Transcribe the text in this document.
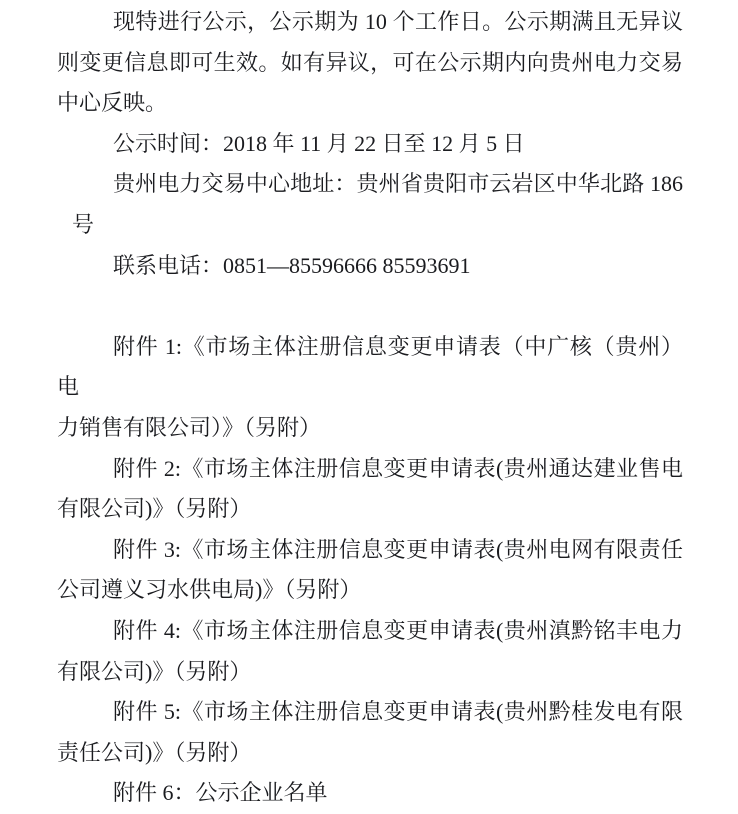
现特进行公示，公示期为 10 个工作日。公示期满且无异议
则变更信息即可生效。如有异议，可在公示期内向贵州电力交易
中心反映。
公示时间：2018 年 11 月 22 日至 12 月 5 日
贵州电力交易中心地址：贵州省贵阳市云岩区中华北路 186
号
联系电话：0851—85596666 85593691
附件 1:《市场主体注册信息变更申请表（中广核（贵州）电
力销售有限公司）》（另附）
附件 2:《市场主体注册信息变更申请表(贵州通达建业售电
有限公司)》（另附）
附件 3:《市场主体注册信息变更申请表(贵州电网有限责任
公司遵义习水供电局)》（另附）
附件 4:《市场主体注册信息变更申请表(贵州滇黔铭丰电力
有限公司)》（另附）
附件 5:《市场主体注册信息变更申请表(贵州黔桂发电有限
责任公司)》（另附）
附件 6：公示企业名单
